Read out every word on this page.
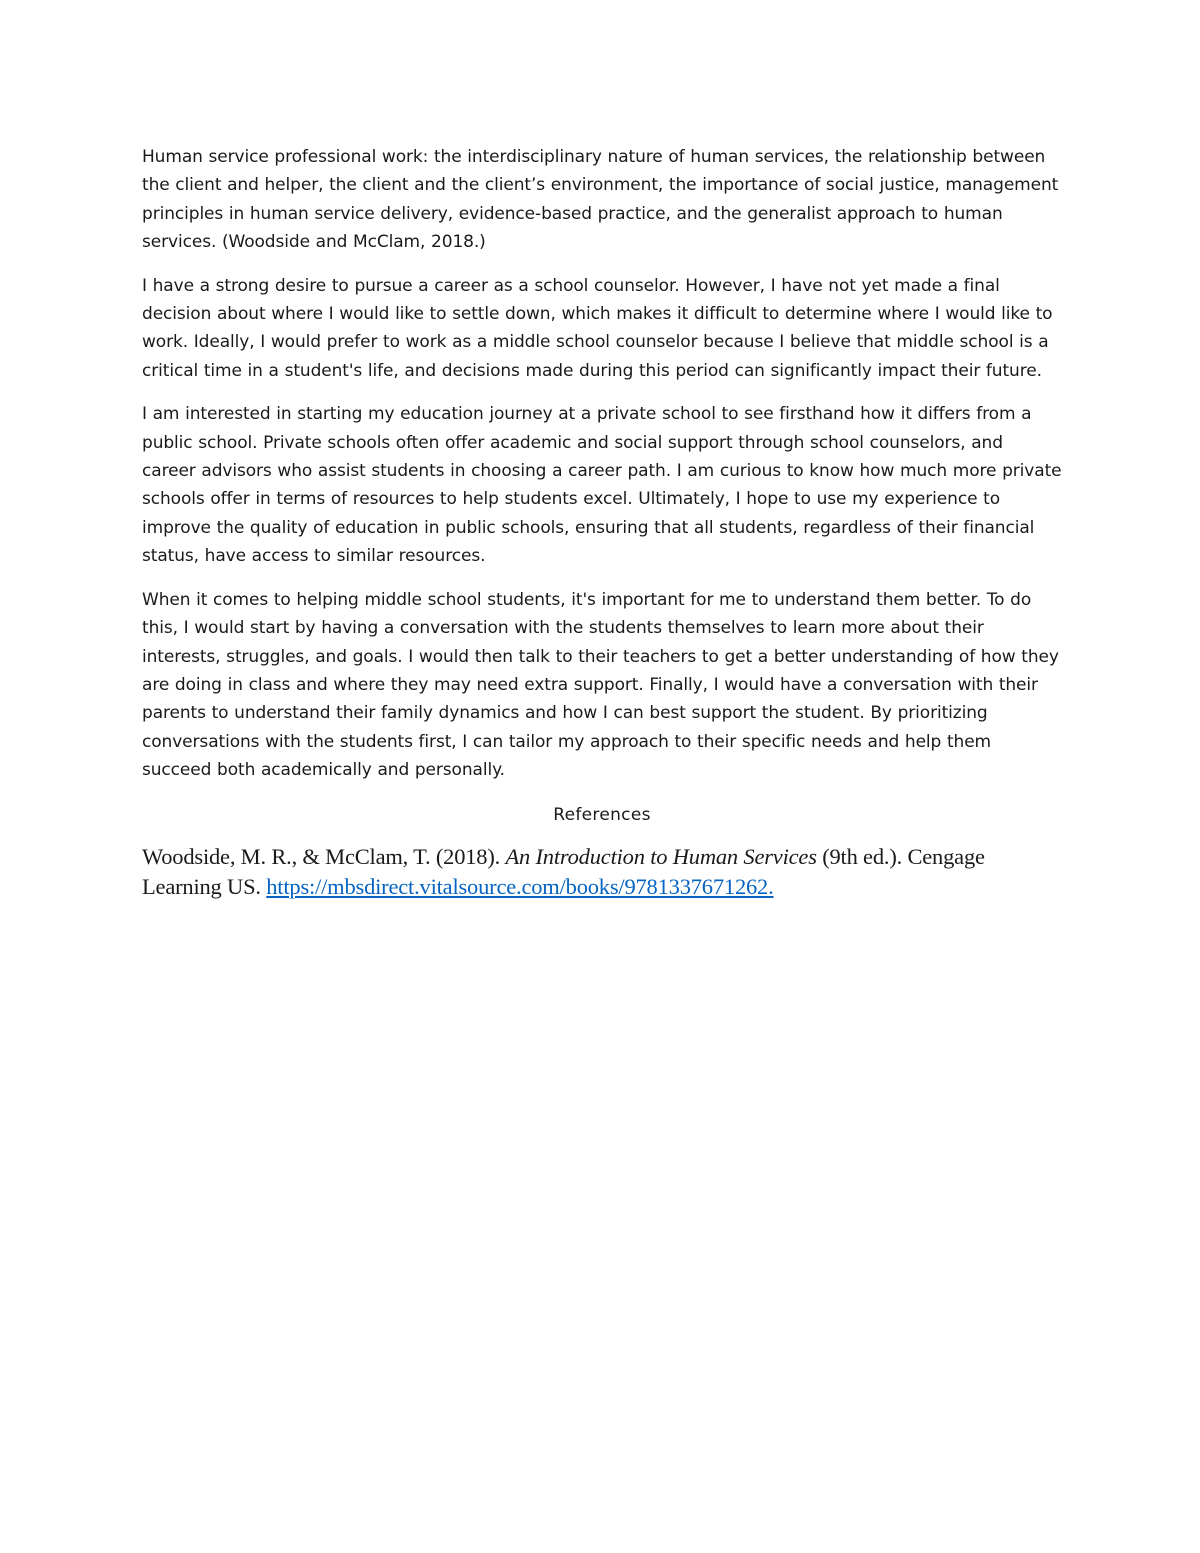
Human service professional work: the interdisciplinary nature of human services, the relationship between the client and helper, the client and the client’s environment, the importance of social justice, management principles in human service delivery, evidence-based practice, and the generalist approach to human services. (Woodside and McClam, 2018.)

I have a strong desire to pursue a career as a school counselor. However, I have not yet made a final decision about where I would like to settle down, which makes it difficult to determine where I would like to work. Ideally, I would prefer to work as a middle school counselor because I believe that middle school is a critical time in a student's life, and decisions made during this period can significantly impact their future.

I am interested in starting my education journey at a private school to see firsthand how it differs from a public school. Private schools often offer academic and social support through school counselors, and career advisors who assist students in choosing a career path. I am curious to know how much more private schools offer in terms of resources to help students excel. Ultimately, I hope to use my experience to improve the quality of education in public schools, ensuring that all students, regardless of their financial status, have access to similar resources.

When it comes to helping middle school students, it's important for me to understand them better. To do this, I would start by having a conversation with the students themselves to learn more about their interests, struggles, and goals. I would then talk to their teachers to get a better understanding of how they are doing in class and where they may need extra support. Finally, I would have a conversation with their parents to understand their family dynamics and how I can best support the student. By prioritizing conversations with the students first, I can tailor my approach to their specific needs and help them succeed both academically and personally.

References

Woodside, M. R., & McClam, T. (2018). An Introduction to Human Services (9th ed.). Cengage Learning US. https://mbsdirect.vitalsource.com/books/9781337671262.
